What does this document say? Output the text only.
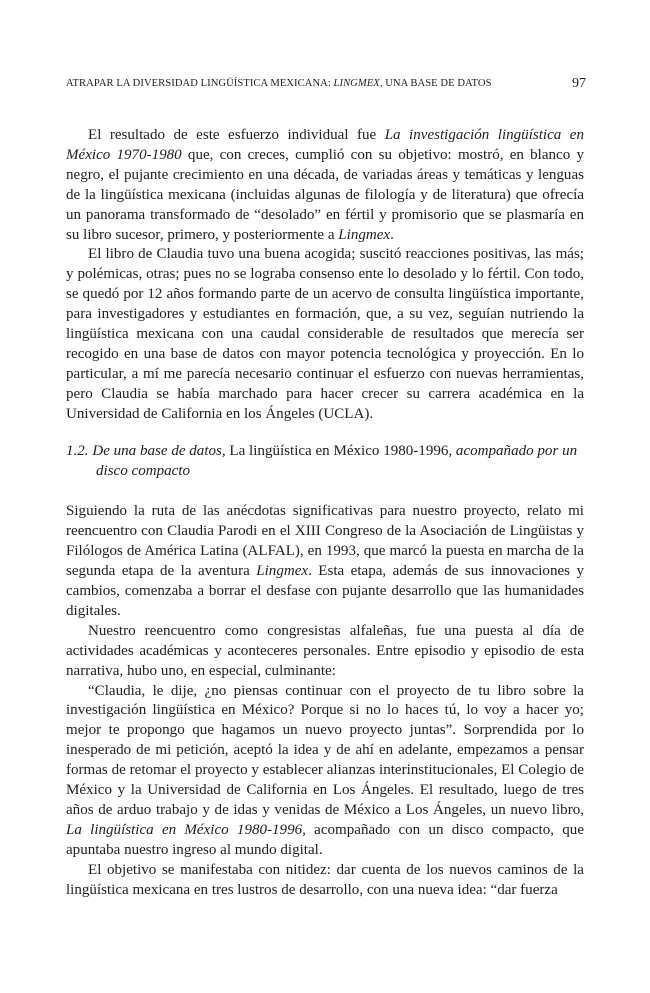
ATRAPAR LA DIVERSIDAD LINGÜÍSTICA MEXICANA: LINGMEX, UNA BASE DE DATOS	97

El resultado de este esfuerzo individual fue La investigación lingüística en México 1970-1980 que, con creces, cumplió con su objetivo: mostró, en blanco y negro, el pujante crecimiento en una década, de variadas áreas y temáticas y lenguas de la lingüística mexicana (incluidas algunas de filología y de literatura) que ofrecía un panorama transformado de “desolado” en fértil y promisorio que se plasmaría en su libro sucesor, primero, y posteriormente a Lingmex.

El libro de Claudia tuvo una buena acogida; suscitó reacciones positivas, las más; y polémicas, otras; pues no se lograba consenso ente lo desolado y lo fértil. Con todo, se quedó por 12 años formando parte de un acervo de consulta lingüística importante, para investigadores y estudiantes en formación, que, a su vez, seguían nutriendo la lingüística mexicana con una caudal considerable de resultados que merecía ser recogido en una base de datos con mayor potencia tecnológica y proyección. En lo particular, a mí me parecía necesario continuar el esfuerzo con nuevas herramientas, pero Claudia se había marchado para hacer crecer su carrera académica en la Universidad de California en los Ángeles (UCLA).

1.2. De una base de datos, La lingüística en México 1980-1996, acompañado por un disco compacto

Siguiendo la ruta de las anécdotas significativas para nuestro proyecto, relato mi reencuentro con Claudia Parodi en el XIII Congreso de la Asociación de Lingüistas y Filólogos de América Latina (ALFAL), en 1993, que marcó la puesta en marcha de la segunda etapa de la aventura Lingmex. Esta etapa, además de sus innovaciones y cambios, comenzaba a borrar el desfase con pujante desarrollo que las humanidades digitales.

Nuestro reencuentro como congresistas alfaleñas, fue una puesta al día de actividades académicas y aconteceres personales. Entre episodio y episodio de esta narrativa, hubo uno, en especial, culminante:

“Claudia, le dije, ¿no piensas continuar con el proyecto de tu libro sobre la investigación lingüística en México? Porque si no lo haces tú, lo voy a hacer yo; mejor te propongo que hagamos un nuevo proyecto juntas”. Sorprendida por lo inesperado de mi petición, aceptó la idea y de ahí en adelante, empezamos a pensar formas de retomar el proyecto y establecer alianzas interinstitucionales, El Colegio de México y la Universidad de California en Los Ángeles. El resultado, luego de tres años de arduo trabajo y de idas y venidas de México a Los Ángeles, un nuevo libro, La lingüística en México 1980-1996, acompañado con un disco compacto, que apuntaba nuestro ingreso al mundo digital.

El objetivo se manifestaba con nitidez: dar cuenta de los nuevos caminos de la lingüística mexicana en tres lustros de desarrollo, con una nueva idea: “dar fuerza
